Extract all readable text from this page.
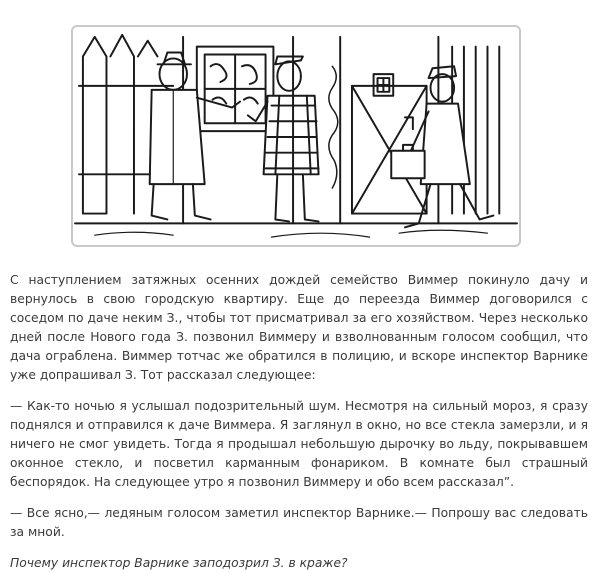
С наступлением затяжных осенних дождей семейство Виммер покинуло дачу и вернулось в свою городскую квартиру. Еще до переезда Виммер договорился с соседом по даче неким З., чтобы тот присматривал за его хозяйством. Через несколько дней после Нового года З. позвонил Виммеру и взволнованным голосом сообщил, что дача ограблена. Виммер тотчас же обратился в полицию, и вскоре инспектор Варнике уже допрашивал З. Тот рассказал следующее:

— Как-то ночью я услышал подозрительный шум. Несмотря на сильный мороз, я сразу поднялся и отправился к даче Виммера. Я заглянул в окно, но все стекла замерзли, и я ничего не смог увидеть. Тогда я продышал небольшую дырочку во льду, покрывавшем оконное стекло, и посветил карманным фонариком. В комнате был страшный беспорядок. На следующее утро я позвонил Виммеру и обо всем рассказал”.

— Все ясно,— ледяным голосом заметил инспектор Варнике.— Попрошу вас следовать за мной.

Почему инспектор Варнике заподозрил З. в краже?
